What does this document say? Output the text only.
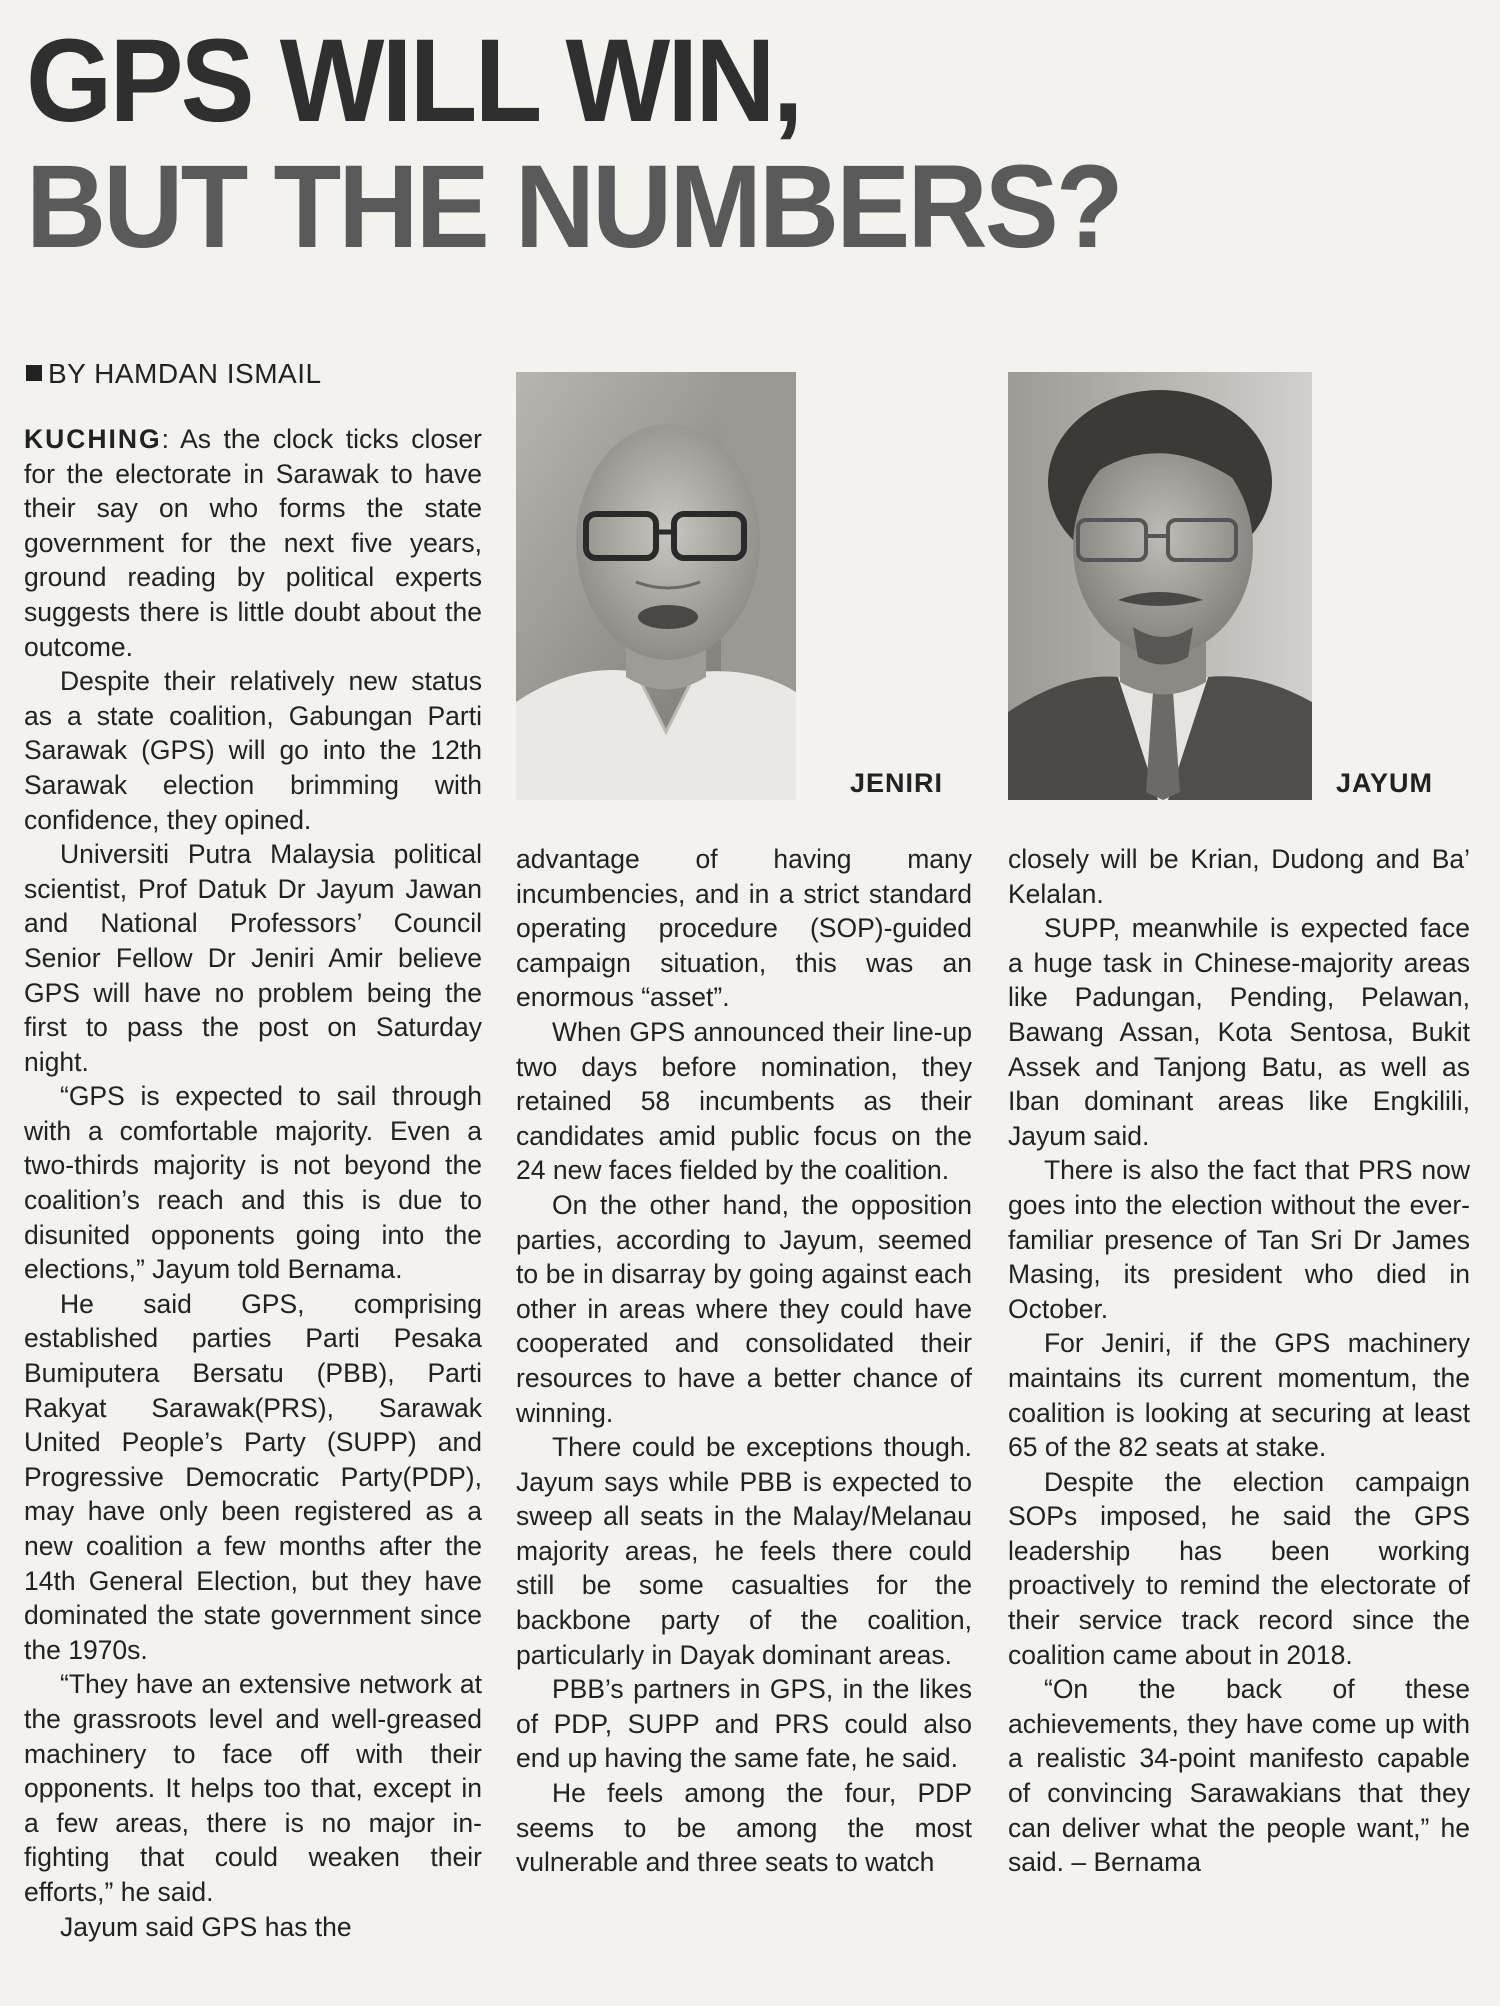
GPS WILL WIN,
BUT THE NUMBERS?
BY HAMDAN ISMAIL
JENIRI	JAYUM

KUCHING: As the clock ticks closer for the electorate in Sarawak to have their say on who forms the state government for the next five years, ground reading by political experts suggests there is little doubt about the outcome.

Despite their relatively new status as a state coalition, Gabungan Parti Sarawak (GPS) will go into the 12th Sarawak election brimming with confidence, they opined.

Universiti Putra Malaysia political scientist, Prof Datuk Dr Jayum Jawan and National Professors’ Council Senior Fellow Dr Jeniri Amir believe GPS will have no problem being the first to pass the post on Saturday night.

“GPS is expected to sail through with a comfortable majority. Even a two-thirds majority is not beyond the coalition’s reach and this is due to disunited opponents going into the elections,” Jayum told Bernama.

He said GPS, comprising established parties Parti Pesaka Bumiputera Bersatu (PBB), Parti Rakyat Sarawak(PRS), Sarawak United People’s Party (SUPP) and Progressive Democratic Party(PDP), may have only been registered as a new coalition a few months after the 14th General Election, but they have dominated the state government since the 1970s.

“They have an extensive network at the grassroots level and well-greased machinery to face off with their opponents. It helps too that, except in a few areas, there is no major in-fighting that could weaken their efforts,” he said.

Jayum said GPS has the

advantage of having many incumbencies, and in a strict standard operating procedure (SOP)-guided campaign situation, this was an enormous “asset”.

When GPS announced their line-up two days before nomination, they retained 58 incumbents as their candidates amid public focus on the 24 new faces fielded by the coalition.

On the other hand, the opposition parties, according to Jayum, seemed to be in disarray by going against each other in areas where they could have cooperated and consolidated their resources to have a better chance of winning.

There could be exceptions though. Jayum says while PBB is expected to sweep all seats in the Malay/Melanau majority areas, he feels there could still be some casualties for the backbone party of the coalition, particularly in Dayak dominant areas.

PBB’s partners in GPS, in the likes of PDP, SUPP and PRS could also end up having the same fate, he said.

He feels among the four, PDP seems to be among the most vulnerable and three seats to watch

closely will be Krian, Dudong and Ba’ Kelalan.

SUPP, meanwhile is expected face a huge task in Chinese-majority areas like Padungan, Pending, Pelawan, Bawang Assan, Kota Sentosa, Bukit Assek and Tanjong Batu, as well as Iban dominant areas like Engkilili, Jayum said.

There is also the fact that PRS now goes into the election without the ever-familiar presence of Tan Sri Dr James Masing, its president who died in October.

For Jeniri, if the GPS machinery maintains its current momentum, the coalition is looking at securing at least 65 of the 82 seats at stake.

Despite the election campaign SOPs imposed, he said the GPS leadership has been working proactively to remind the electorate of their service track record since the coalition came about in 2018.

“On the back of these achievements, they have come up with a realistic 34-point manifesto capable of convincing Sarawakians that they can deliver what the people want,” he said. – Bernama
